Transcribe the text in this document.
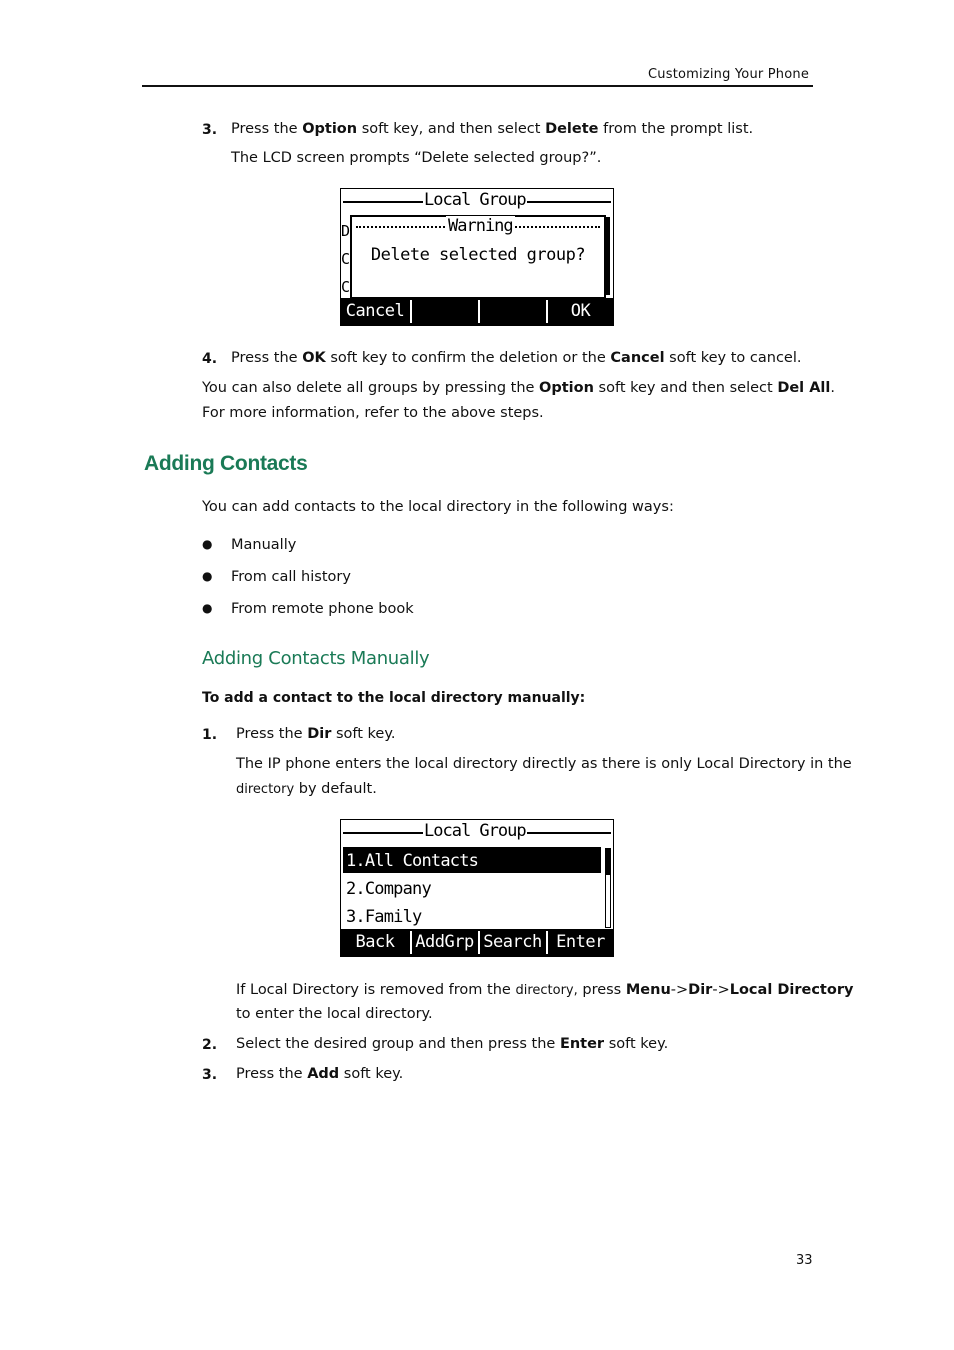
Customizing Your Phone
3. Press the Option soft key, and then select Delete from the prompt list.
The LCD screen prompts “Delete selected group?”.
Local Group
D
C
C
Warning
Delete selected group?
Cancel	OK
4. Press the OK soft key to confirm the deletion or the Cancel soft key to cancel.
You can also delete all groups by pressing the Option soft key and then select Del All.
For more information, refer to the above steps.
Adding Contacts
You can add contacts to the local directory in the following ways:
● Manually
● From call history
● From remote phone book
Adding Contacts Manually
To add a contact to the local directory manually:
1. Press the Dir soft key.
The IP phone enters the local directory directly as there is only Local Directory in the
directory by default.
Local Group
1.All Contacts
2.Company
3.Family
Back	AddGrp Search Enter
If Local Directory is removed from the directory, press Menu->Dir->Local Directory
to enter the local directory.
2. Select the desired group and then press the Enter soft key.
3. Press the Add soft key.
33
